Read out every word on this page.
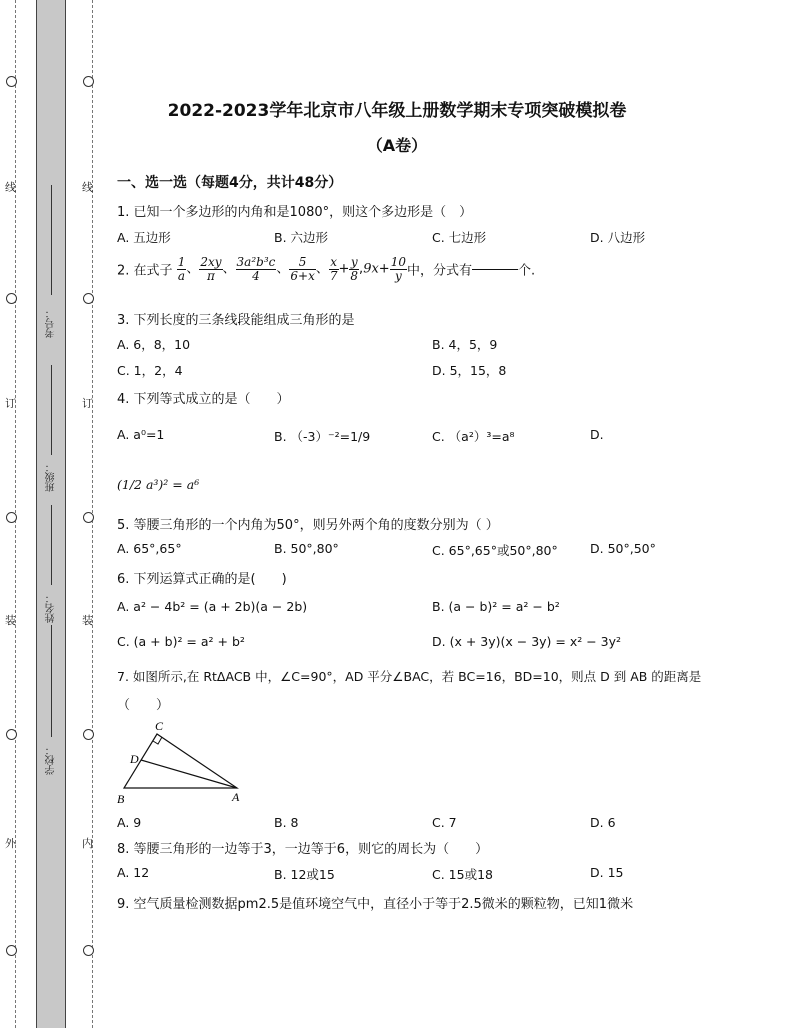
线
订
装
外
线
订
装
内
考号：
班级：
姓名：
学校：
2022-2023学年北京市八年级上册数学期末专项突破模拟卷
（A卷）
一、选一选（每题4分，共计48分）
1. 已知一个多边形的内角和是1080°，则这个多边形是（　）
A. 五边形	B. 六边形	C. 七边形	D. 八边形
2. 在式子 $\frac{1}{a}$ 、 $\frac{2xy}{\pi}$ 、 $\frac{\text{3a²b³c}}{4}$ 、 $\frac{5}{6+x}$ 、 $\frac{x}{7} + \frac{y}{8} ,9x+ \frac{10}{y}$ 中，分式有	个.
3. 下列长度的三条线段能组成三角形的是
A. 6，8，10	B. 4，5，9
C. 1，2，4	D. 5，15，8
4. 下列等式成立的是（　　）
A. a⁰=1	B. （-3）⁻²=1/9	C. （a²）³=a⁸	D.
(1/2 a³)² = a⁶
5. 等腰三角形的一个内角为50°，则另外两个角的度数分别为（ ）
A. 65°,65°	B. 50°,80°	C. 65°,65°或50°,80°	D. 50°,50°
6. 下列运算式正确的是(　　)
A. a² − 4b² = (a + 2b)(a − 2b)	B. (a − b)² = a² − b²
C. (a + b)² = a² + b²	D. (x + 3y)(x − 3y) = x² − 3y²
7. 如图所示,在 RtΔACB 中，∠C=90°，AD 平分∠BAC，若 BC=16，BD=10，则点 D 到 AB 的距离是
（　　）
C
D
B	A
A. 9	B. 8	C. 7	D. 6
8. 等腰三角形的一边等于3，一边等于6，则它的周长为（　　）
A. 12	B. 12或15	C. 15或18	D. 15
9. 空气质量检测数据pm2.5是值环境空气中，直径小于等于2.5微米的颗粒物，已知1微米
